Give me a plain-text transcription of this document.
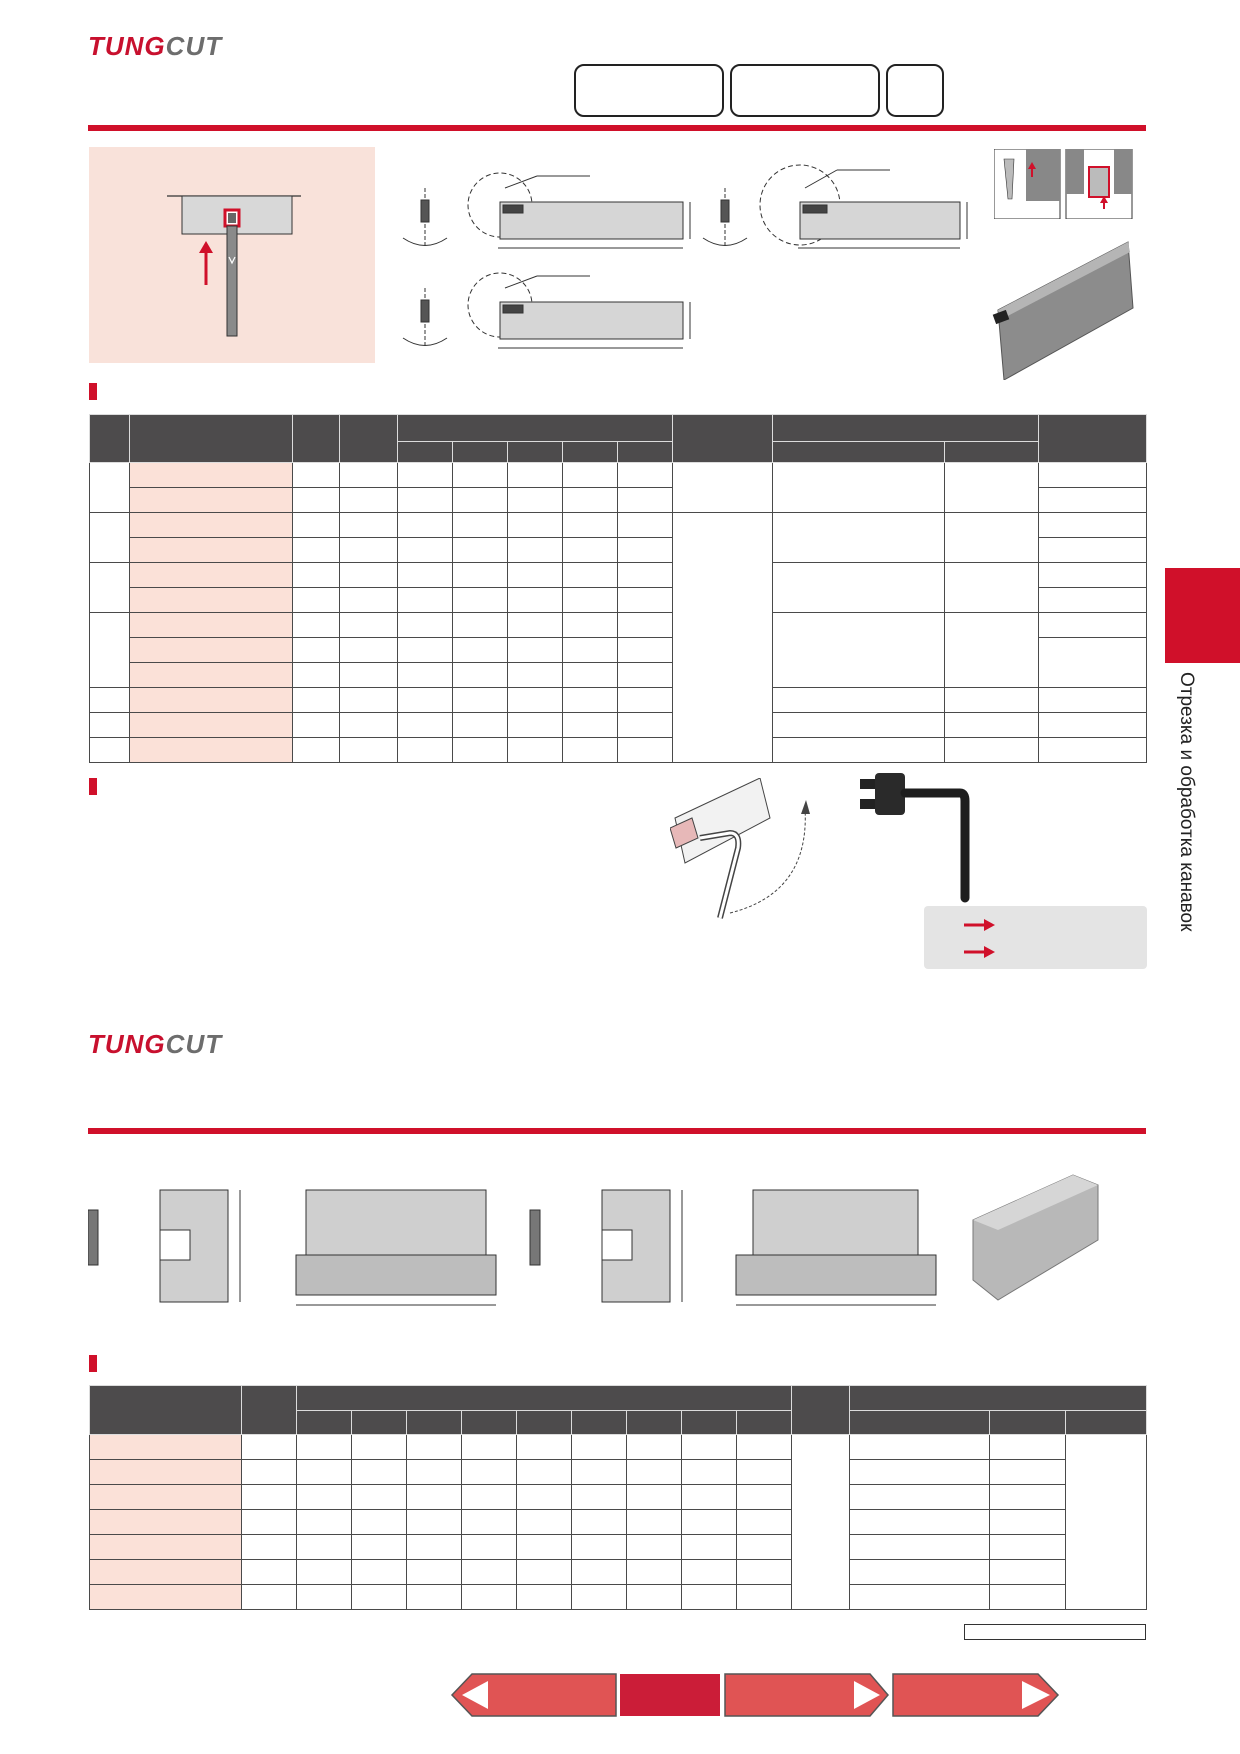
TUNGCUT

Отрезка и обработка канавок
TUNGCUT
